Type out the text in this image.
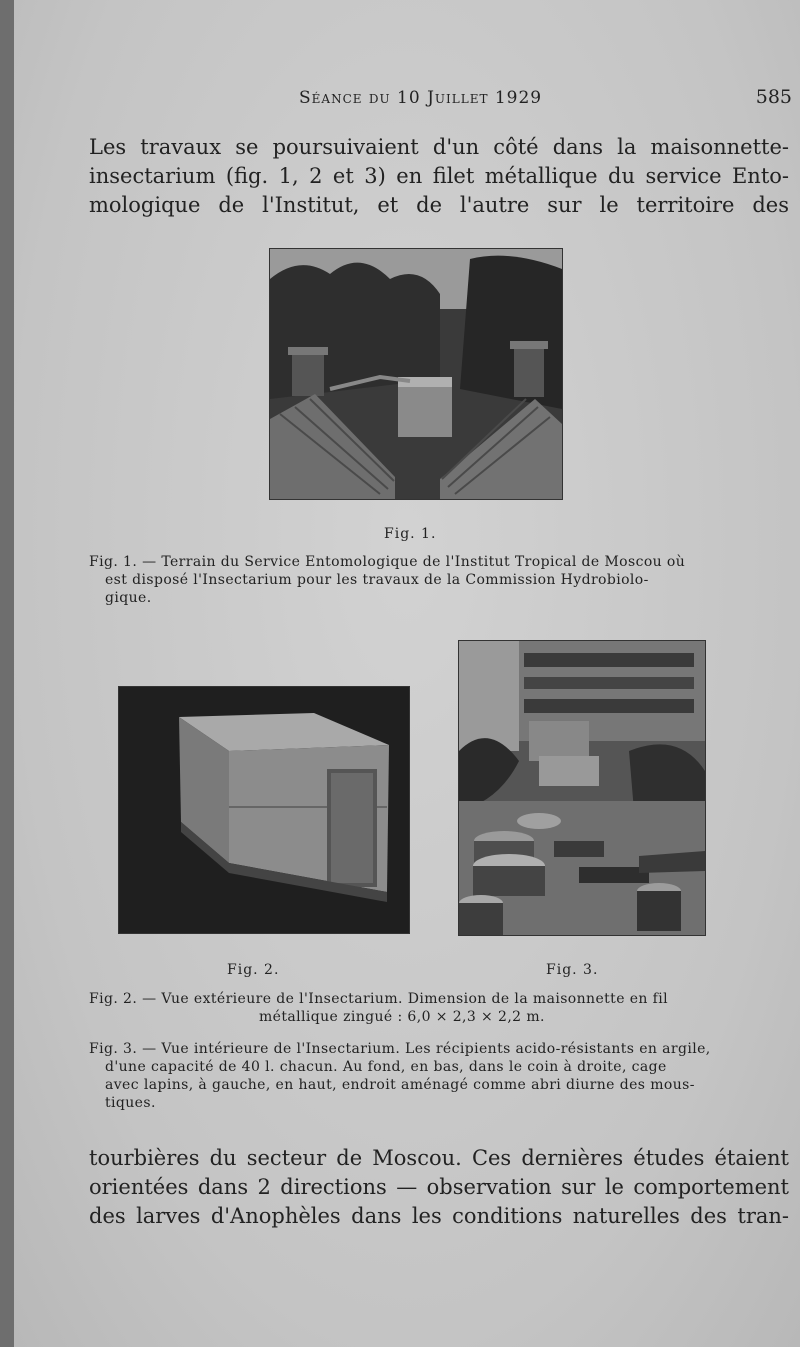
Séance du 10 Juillet 1929	585
Les travaux se poursuivaient d'un côté dans la maisonnette-
insectarium (fig. 1, 2 et 3) en filet métallique du service Ento-
mologique de l'Institut, et de l'autre sur le territoire des
Fig. 1.
Fig. 1. — Terrain du Service Entomologique de l'Institut Tropical de Moscou où
est disposé l'Insectarium pour les travaux de la Commission Hydrobiolo-
gique.
Fig. 2.	Fig. 3.
Fig. 2. — Vue extérieure de l'Insectarium. Dimension de la maisonnette en fil
métallique zingué : 6,0 × 2,3 × 2,2 m.
Fig. 3. — Vue intérieure de l'Insectarium. Les récipients acido-résistants en argile,
d'une capacité de 40 l. chacun. Au fond, en bas, dans le coin à droite, cage
avec lapins, à gauche, en haut, endroit aménagé comme abri diurne des mous-
tiques.
tourbières du secteur de Moscou. Ces dernières études étaient
orientées dans 2 directions — observation sur le comportement
des larves d'Anophèles dans les conditions naturelles des tran-
